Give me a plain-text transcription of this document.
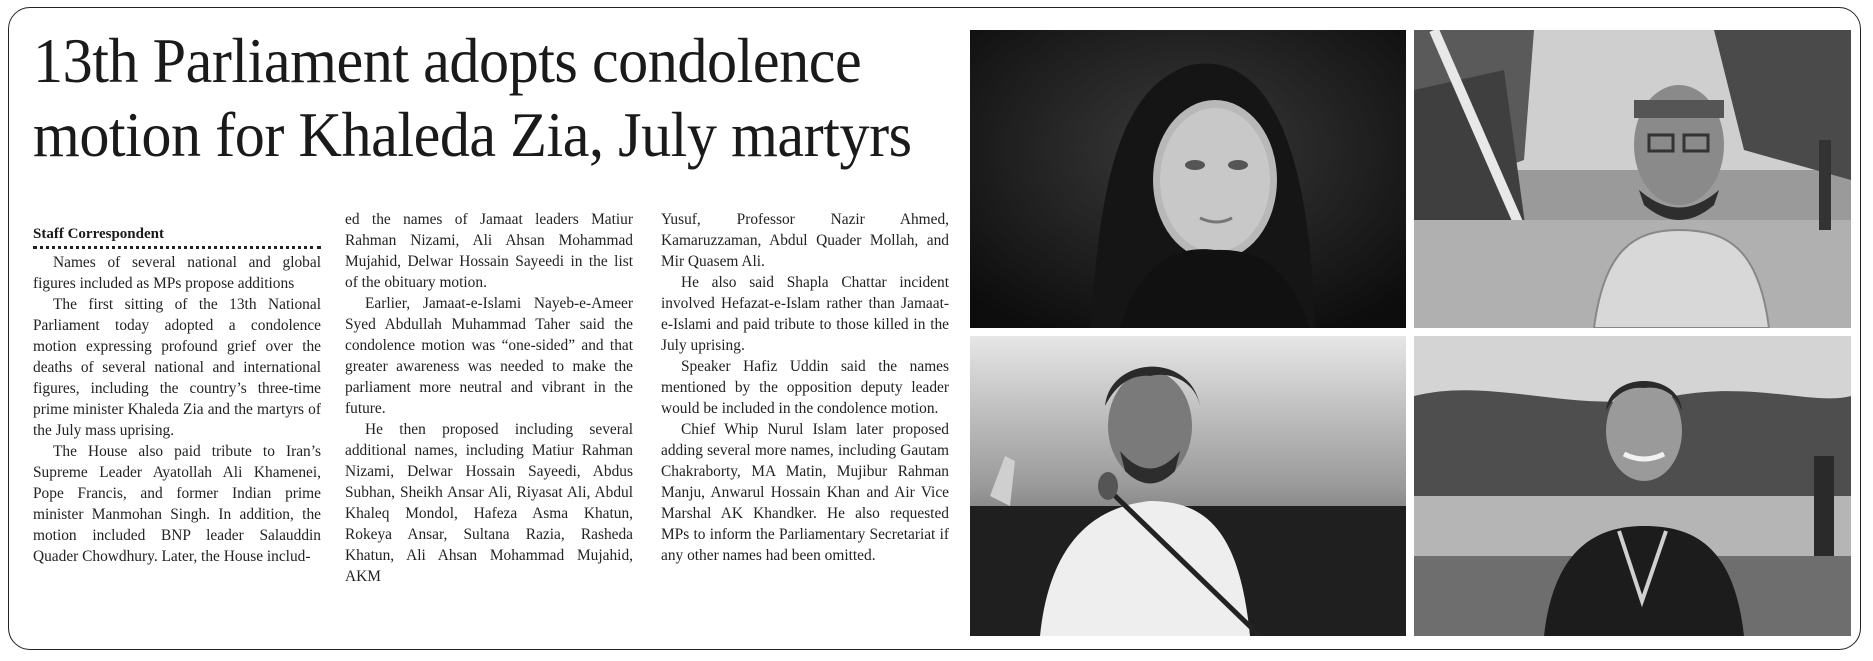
13th Parliament adopts condolence
motion for Khaleda Zia, July martyrs
Staff Correspondent

Names of several national and global figures included as MPs propose additions

The first sitting of the 13th National Parliament today adopted a condolence motion expressing profound grief over the deaths of several national and international figures, including the country’s three-time prime minister Khaleda Zia and the martyrs of the July mass uprising.

The House also paid tribute to Iran’s Supreme Leader Ayatollah Ali Khamenei, Pope Francis, and former Indian prime minister Manmohan Singh. In addition, the motion included BNP leader Salauddin Quader Chowdhury. Later, the House includ-

ed the names of Jamaat leaders Matiur Rahman Nizami, Ali Ahsan Mohammad Mujahid, Delwar Hossain Sayeedi in the list of the obituary motion.

Earlier, Jamaat-e-Islami Nayeb-e-Ameer Syed Abdullah Muhammad Taher said the condolence motion was “one-sided” and that greater awareness was needed to make the parliament more neutral and vibrant in the future.

He then proposed including several additional names, including Matiur Rahman Nizami, Delwar Hossain Sayeedi, Abdus Subhan, Sheikh Ansar Ali, Riyasat Ali, Abdul Khaleq Mondol, Hafeza Asma Khatun, Rokeya Ansar, Sultana Razia, Rasheda Khatun, Ali Ahsan Mohammad Mujahid, AKM

Yusuf, Professor Nazir Ahmed, Kamaruzzaman, Abdul Quader Mollah, and Mir Quasem Ali.

He also said Shapla Chattar incident involved Hefazat-e-Islam rather than Jamaat-e-Islami and paid tribute to those killed in the July uprising.

Speaker Hafiz Uddin said the names mentioned by the opposition deputy leader would be included in the condolence motion.

Chief Whip Nurul Islam later proposed adding several more names, including Gautam Chakraborty, MA Matin, Mujibur Rahman Manju, Anwarul Hossain Khan and Air Vice Marshal AK Khandker. He also requested MPs to inform the Parliamentary Secretariat if any other names had been omitted.
